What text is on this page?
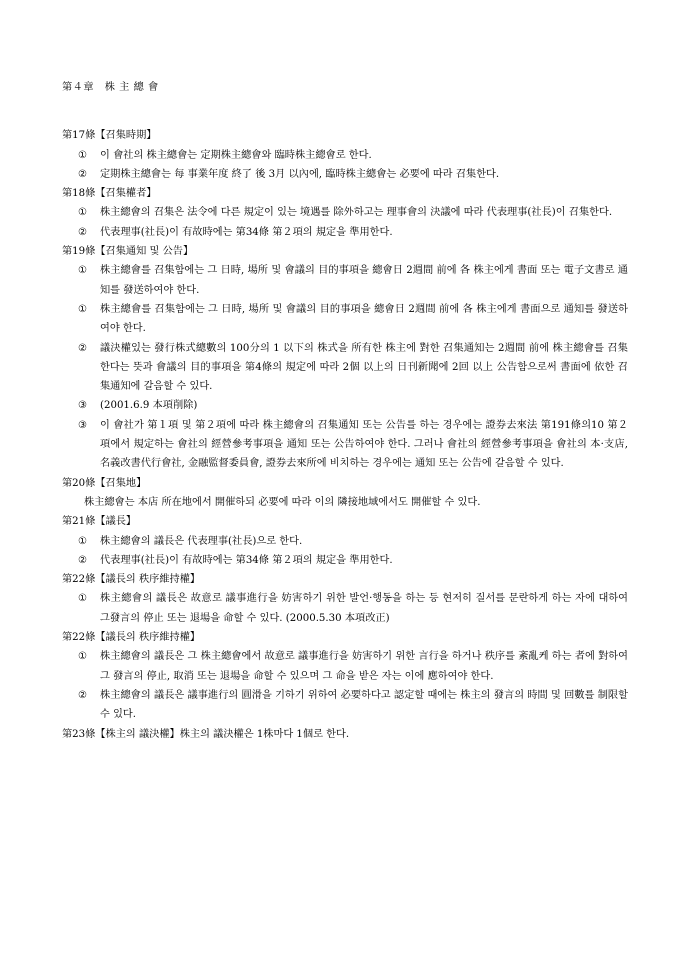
第４章　株 主 總 會
第17條【召集時期】
①	이 會社의 株主總會는 定期株主總會와 臨時株主總會로 한다.
②	定期株主總會는 每 事業年度 終了 後 3月 以內에, 臨時株主總會는 必要에 따라 召集한다.
第18條【召集權者】
①	株主總會의 召集은 法令에 다른 規定이 있는 境遇를 除外하고는 理事會의 決議에 따라 代表理事(社長)이 召集한다.
②	代表理事(社長)이 有故時에는 第34條 第２項의 規定을 準用한다.
第19條【召集通知 및 公告】
①	株主總會를 召集함에는 그 日時, 場所 및 會議의 目的事項을 總會日 2週間 前에 各 株主에게 書面 또는 電子文書로 通知를 發送하여야 한다.
①	株主總會를 召集함에는 그 日時, 場所 및 會議의 目的事項을 總會日 2週間 前에 各 株主에게 書面으로 通知를 發送하여야 한다.
②	議決權있는 發行株式總數의 100分의 1 以下의 株式을 所有한 株主에 對한 召集通知는 2週間 前에 株主總會를 召集한다는 뜻과 會議의 目的事項을 第4條의 規定에 따라 2個 以上의 日刊新聞에 2回 以上 公告함으로써 書面에 依한 召集通知에 갈음할 수 있다.
③	(2001.6.9 本項削除)
③	이 會社가 第１項 및 第２項에 따라 株主總會의 召集通知 또는 公告를 하는 경우에는 證券去來法 第191條의10 第２項에서 規定하는 會社의 經營參考事項을 通知 또는 公告하여야 한다. 그러나 會社의 經營參考事項을 會社의 本·支店, 名義改書代行會社, 金融監督委員會, 證券去來所에 비치하는 경우에는 通知 또는 公告에 갈음할 수 있다.
第20條【召集地】
株主總會는 本店 所在地에서 開催하되 必要에 따라 이의 隣接地域에서도 開催할 수 있다.
第21條【議長】
①	株主總會의 議長은 代表理事(社長)으로 한다.
②	代表理事(社長)이 有故時에는 第34條 第２項의 規定을 準用한다.
第22條【議長의 秩序維持權】
①	株主總會의 議長은 故意로 議事進行을 妨害하기 위한 발언·행동을 하는 등 현저히 질서를 문란하게 하는 자에 대하여 그發言의 停止 또는 退場을 命할 수 있다. (2000.5.30 本項改正)
第22條【議長의 秩序維持權】
①	株主總會의 議長은 그 株主總會에서 故意로 議事進行을 妨害하기 위한 言行을 하거나 秩序를 紊亂케 하는 者에 對하여 그 發言의 停止, 取消 또는 退場을 命할 수 있으며 그 命을 받은 자는 이에 應하여야 한다.
②	株主總會의 議長은 議事進行의 圓滑을 기하기 위하여 必要하다고 認定할 때에는 株主의 發言의 時間 및 回數를 制限할 수 있다.
第23條【株主의 議決權】株主의 議決權은 1株마다 1個로 한다.
